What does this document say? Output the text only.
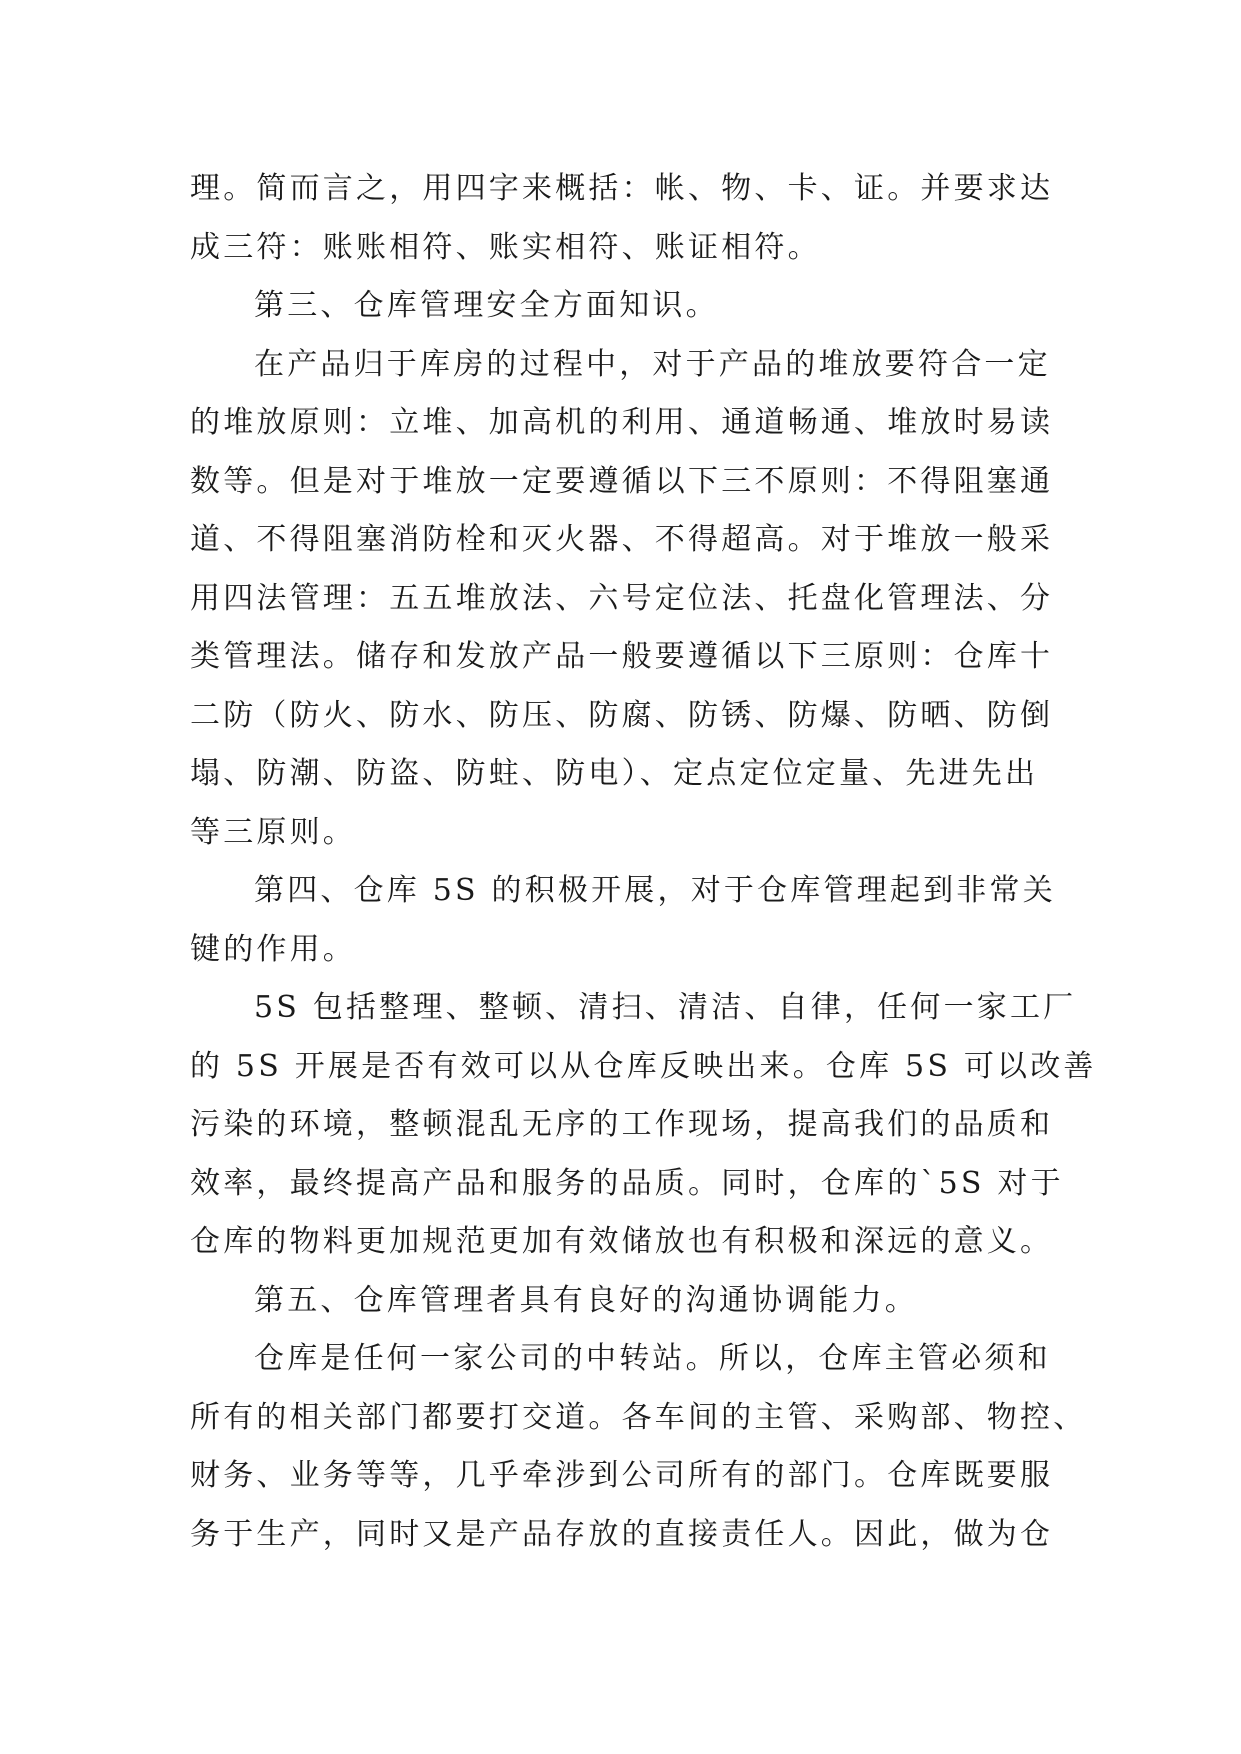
理。简而言之，用四字来概括：帐、物、卡、证。并要求达
成三符：账账相符、账实相符、账证相符。
第三、仓库管理安全方面知识。
在产品归于库房的过程中，对于产品的堆放要符合一定
的堆放原则：立堆、加高机的利用、通道畅通、堆放时易读
数等。但是对于堆放一定要遵循以下三不原则：不得阻塞通
道、不得阻塞消防栓和灭火器、不得超高。对于堆放一般采
用四法管理：五五堆放法、六号定位法、托盘化管理法、分
类管理法。储存和发放产品一般要遵循以下三原则：仓库十
二防（防火、防水、防压、防腐、防锈、防爆、防晒、防倒
塌、防潮、防盗、防蛀、防电）、定点定位定量、先进先出
等三原则。
第四、仓库 5S 的积极开展，对于仓库管理起到非常关
键的作用。
5S 包括整理、整顿、清扫、清洁、自律，任何一家工厂
的 5S 开展是否有效可以从仓库反映出来。仓库 5S 可以改善
污染的环境，整顿混乱无序的工作现场，提高我们的品质和
效率，最终提高产品和服务的品质。同时，仓库的`5S 对于
仓库的物料更加规范更加有效储放也有积极和深远的意义。
第五、仓库管理者具有良好的沟通协调能力。
仓库是任何一家公司的中转站。所以，仓库主管必须和
所有的相关部门都要打交道。各车间的主管、采购部、物控、
财务、业务等等，几乎牵涉到公司所有的部门。仓库既要服
务于生产，同时又是产品存放的直接责任人。因此，做为仓
